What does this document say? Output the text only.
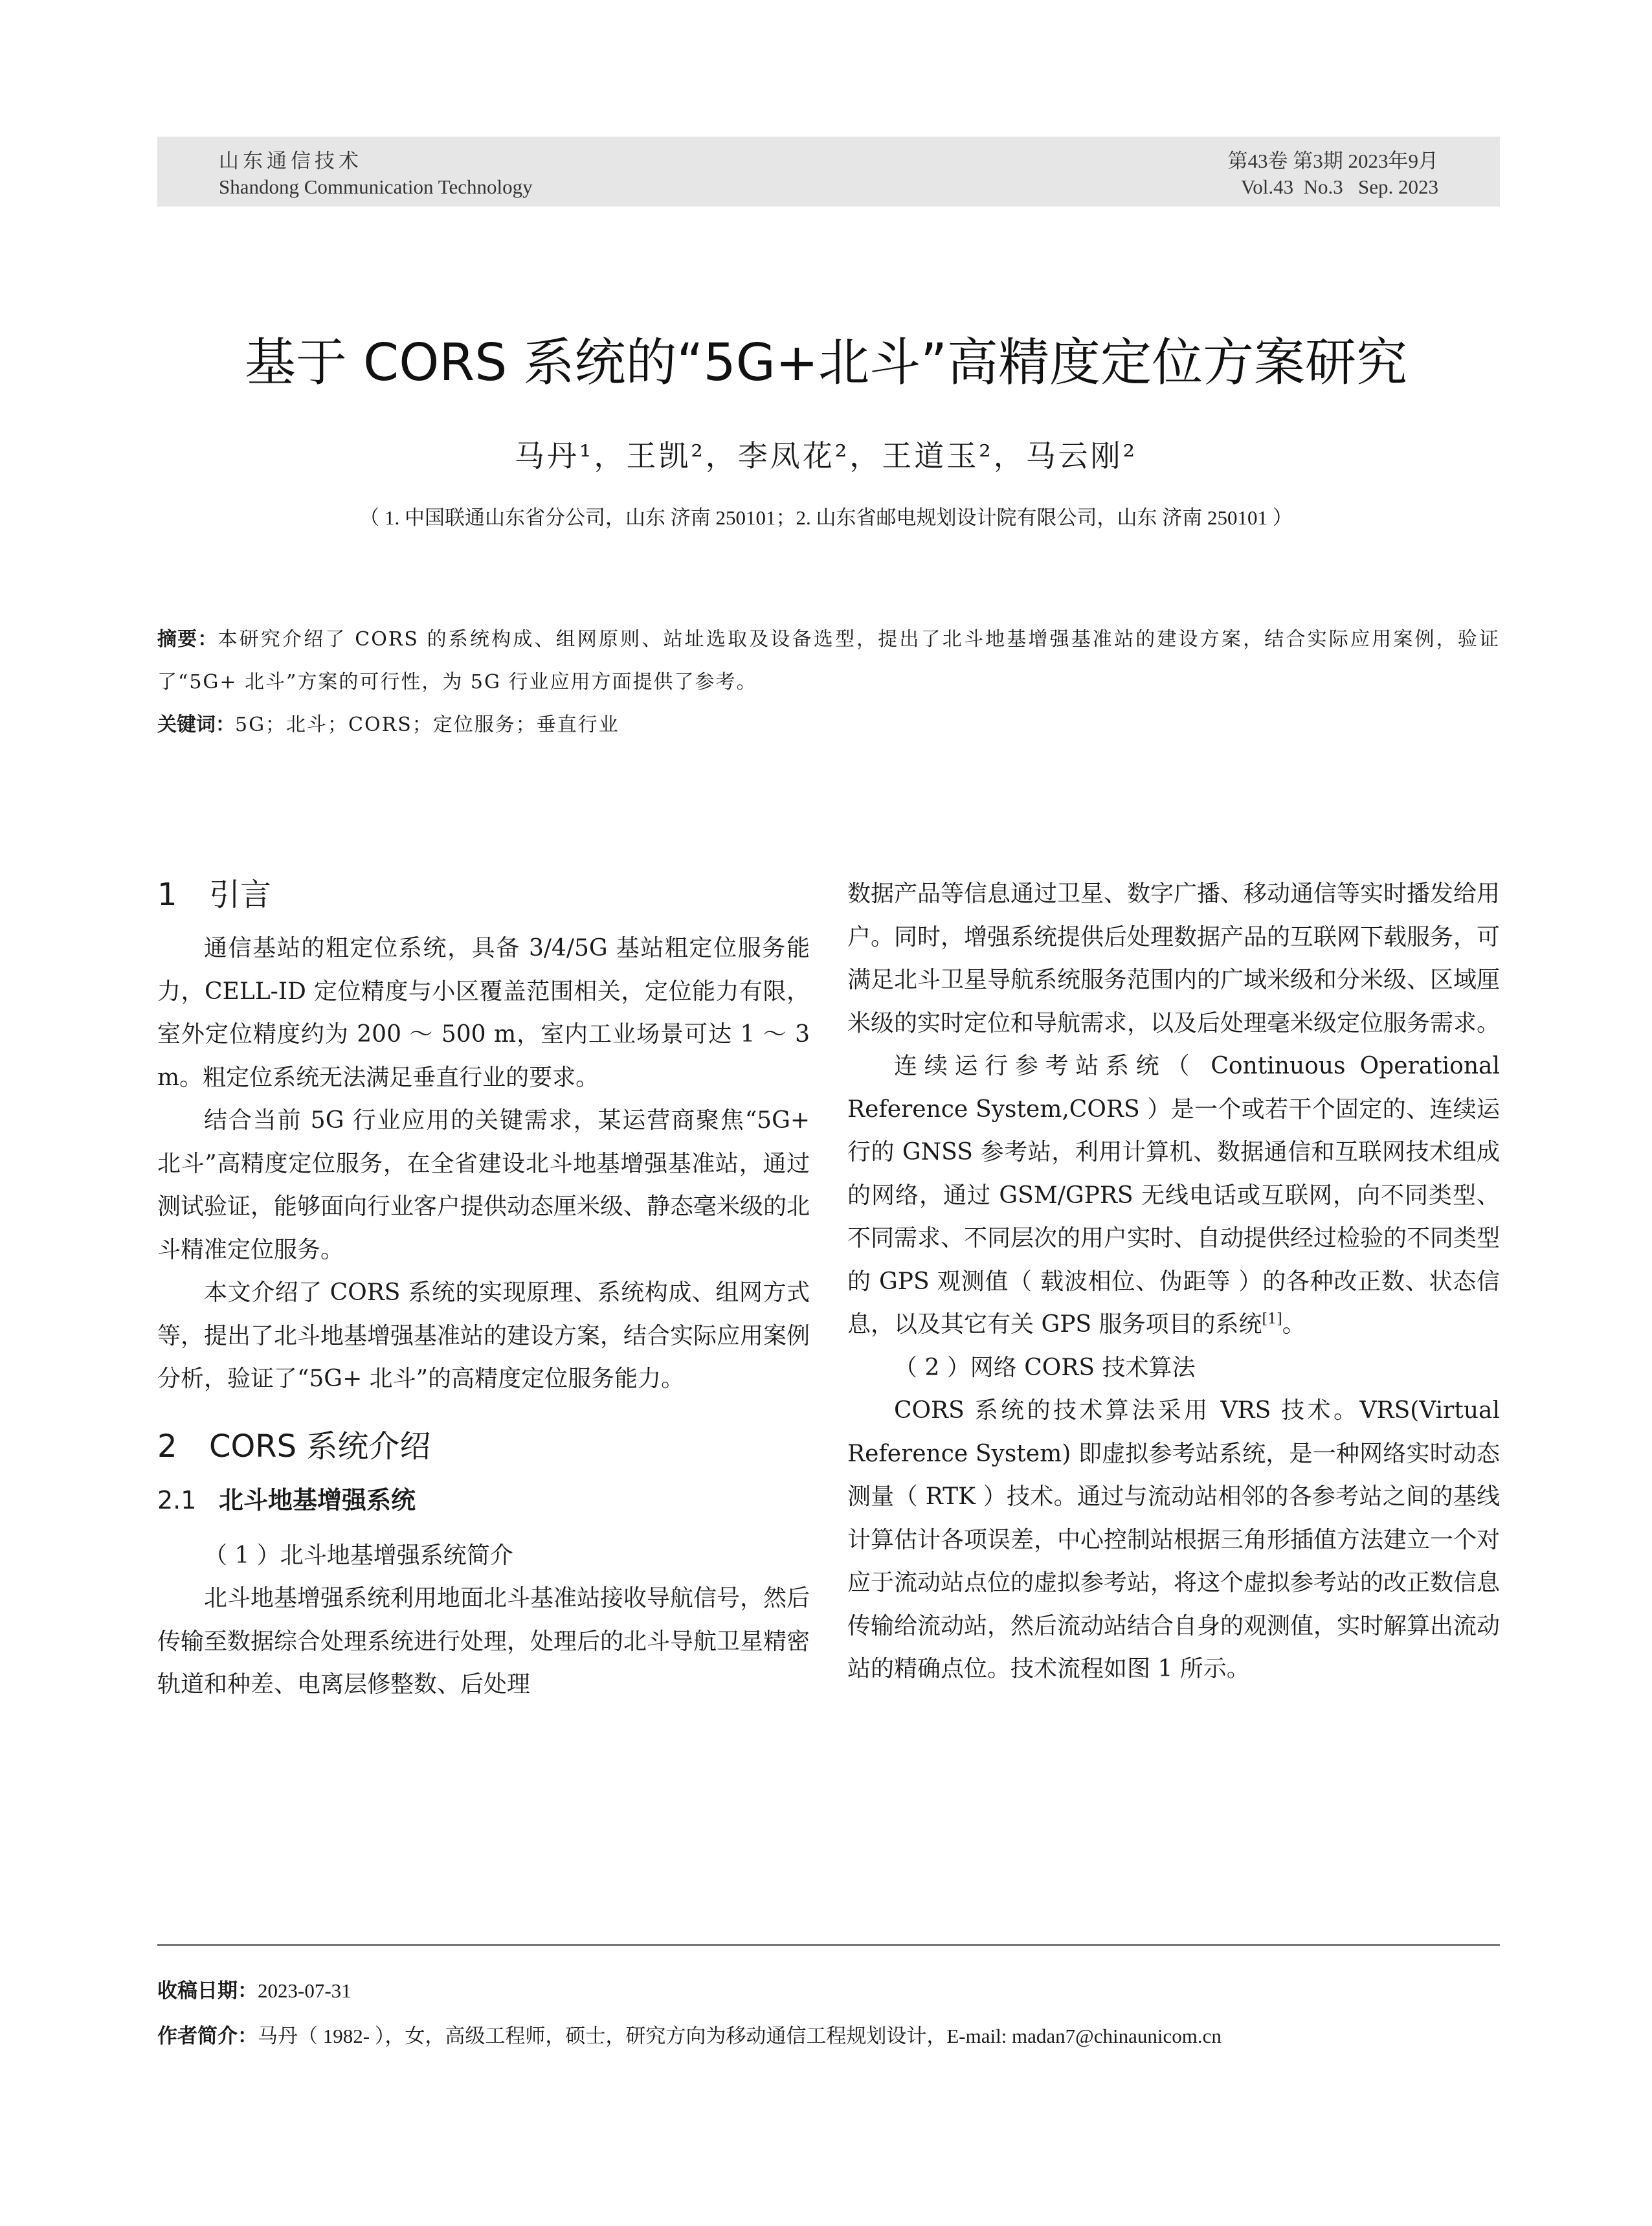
山东通信技术
Shandong Communication Technology
第43卷 第3期 2023年9月
Vol.43  No.3   Sep. 2023
基于 CORS 系统的“5G+北斗”高精度定位方案研究
马丹¹，王凯²，李凤花²，王道玉²，马云刚²
（ 1. 中国联通山东省分公司，山东 济南 250101；2. 山东省邮电规划设计院有限公司，山东 济南 250101 ）
摘要：本研究介绍了 CORS 的系统构成、组网原则、站址选取及设备选型，提出了北斗地基增强基准站的建设方案，结合实际应用案例，验证了“5G+ 北斗”方案的可行性，为 5G 行业应用方面提供了参考。
关键词：5G；北斗；CORS；定位服务；垂直行业
1 引言

通信基站的粗定位系统，具备 3/4/5G 基站粗定位服务能力，CELL-ID 定位精度与小区覆盖范围相关，定位能力有限，室外定位精度约为 200 ～ 500 m，室内工业场景可达 1 ～ 3 m。粗定位系统无法满足垂直行业的要求。

结合当前 5G 行业应用的关键需求，某运营商聚焦“5G+ 北斗”高精度定位服务，在全省建设北斗地基增强基准站，通过测试验证，能够面向行业客户提供动态厘米级、静态毫米级的北斗精准定位服务。

本文介绍了 CORS 系统的实现原理、系统构成、组网方式等，提出了北斗地基增强基准站的建设方案，结合实际应用案例分析，验证了“5G+ 北斗”的高精度定位服务能力。

2 CORS 系统介绍
2.1 北斗地基增强系统

（ 1 ）北斗地基增强系统简介

北斗地基增强系统利用地面北斗基准站接收导航信号，然后传输至数据综合处理系统进行处理，处理后的北斗导航卫星精密轨道和种差、电离层修整数、后处理

数据产品等信息通过卫星、数字广播、移动通信等实时播发给用户。同时，增强系统提供后处理数据产品的互联网下载服务，可满足北斗卫星导航系统服务范围内的广域米级和分米级、区域厘米级的实时定位和导航需求，以及后处理毫米级定位服务需求。

连续运行参考站系统（ Continuous Operational Reference System,CORS ）是一个或若干个固定的、连续运行的 GNSS 参考站，利用计算机、数据通信和互联网技术组成的网络，通过 GSM/GPRS 无线电话或互联网，向不同类型、不同需求、不同层次的用户实时、自动提供经过检验的不同类型的 GPS 观测值（ 载波相位、伪距等 ）的各种改正数、状态信息，以及其它有关 GPS 服务项目的系统[1]。

（ 2 ）网络 CORS 技术算法

CORS 系统的技术算法采用 VRS 技术。VRS(Virtual Reference System) 即虚拟参考站系统，是一种网络实时动态测量（ RTK ）技术。通过与流动站相邻的各参考站之间的基线计算估计各项误差，中心控制站根据三角形插值方法建立一个对应于流动站点位的虚拟参考站，将这个虚拟参考站的改正数信息传输给流动站，然后流动站结合自身的观测值，实时解算出流动站的精确点位。技术流程如图 1 所示。

收稿日期：2023-07-31
作者简介：马丹（ 1982- ），女，高级工程师，硕士，研究方向为移动通信工程规划设计，E-mail: madan7@chinaunicom.cn
